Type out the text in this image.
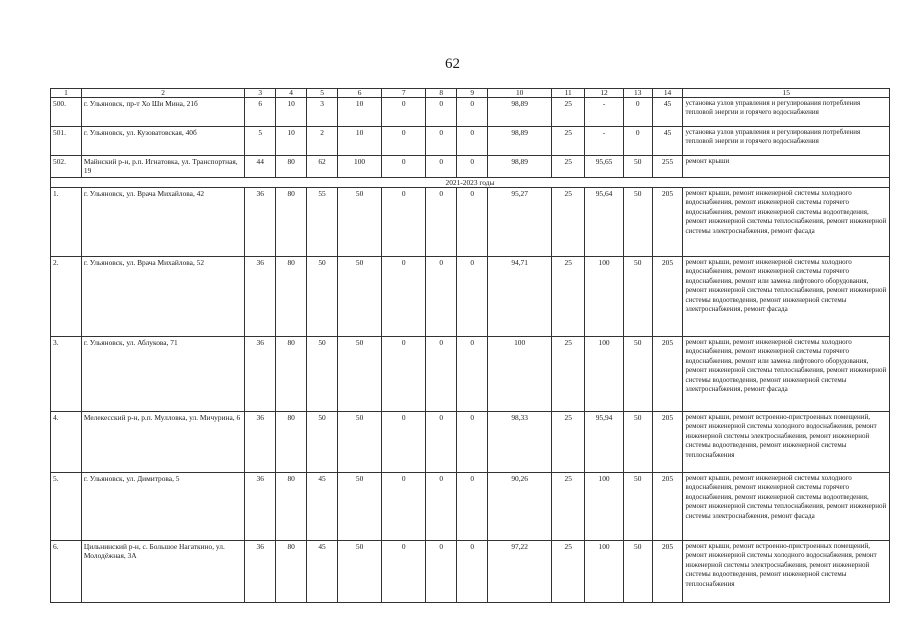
62
1	2	3	4	5	6	7	8	9	10	11	12	13	14	15
500.	г. Ульяновск, пр-т Хо Ши Мина, 21б	6	10	3	10	0	0	0	98,89	25	-	0	45	установка узлов управления и регулирования потребления тепловой энергии и горячего водоснабжения
501.	г. Ульяновск, ул. Кузоватовская, 40б	5	10	2	10	0	0	0	98,89	25	-	0	45	установка узлов управления и регулирования потребления тепловой энергии и горячего водоснабжения
502.	Майнский р-н, р.п. Игнатовка, ул. Транспортная, 19	44	80	62	100	0	0	0	98,89	25	95,65	50	255	ремонт крыши
2021-2023 годы														
1.	г. Ульяновск, ул. Врача Михайлова, 42	36	80	55	50	0	0	0	95,27	25	95,64	50	205	ремонт крыши, ремонт инженерной системы холодного водоснабжения, ремонт инженерной системы горячего водоснабжения, ремонт инженерной системы водоотведения, ремонт инженерной системы теплоснабжения, ремонт инженерной системы электроснабжения, ремонт фасада
2.	г. Ульяновск, ул. Врача Михайлова, 52	36	80	50	50	0	0	0	94,71	25	100	50	205	ремонт крыши, ремонт инженерной системы холодного водоснабжения, ремонт инженерной системы горячего водоснабжения, ремонт или замена лифтового оборудования, ремонт инженерной системы теплоснабжения, ремонт инженерной системы водоотведения, ремонт инженерной системы электроснабжения, ремонт фасада
3.	г. Ульяновск, ул. Аблукова, 71	36	80	50	50	0	0	0	100	25	100	50	205	ремонт крыши, ремонт инженерной системы холодного водоснабжения, ремонт инженерной системы горячего водоснабжения, ремонт или замена лифтового оборудования, ремонт инженерной системы теплоснабжения, ремонт инженерной системы водоотведения, ремонт инженерной системы электроснабжения, ремонт фасада
4.	Мелекесский р-н, р.п. Мулловка, ул. Мичурина, 6	36	80	50	50	0	0	0	98,33	25	95,94	50	205	ремонт крыши, ремонт встроенно-пристроенных помещений, ремонт инженерной системы холодного водоснабжения, ремонт инженерной системы электроснабжения, ремонт инженерной системы водоотведения, ремонт инженерной системы теплоснабжения
5.	г. Ульяновск, ул. Димитрова, 5	36	80	45	50	0	0	0	90,26	25	100	50	205	ремонт крыши, ремонт инженерной системы холодного водоснабжения, ремонт инженерной системы горячего водоснабжения, ремонт инженерной системы водоотведения, ремонт инженерной системы теплоснабжения, ремонт инженерной системы электроснабжения, ремонт фасада
6.	Цильнинский р-н, с. Большое Нагаткино, ул. Молодёжная, 3А	36	80	45	50	0	0	0	97,22	25	100	50	205	ремонт крыши, ремонт встроенно-пристроенных помещений, ремонт инженерной системы холодного водоснабжения, ремонт инженерной системы электроснабжения, ремонт инженерной системы водоотведения, ремонт инженерной системы теплоснабжения
